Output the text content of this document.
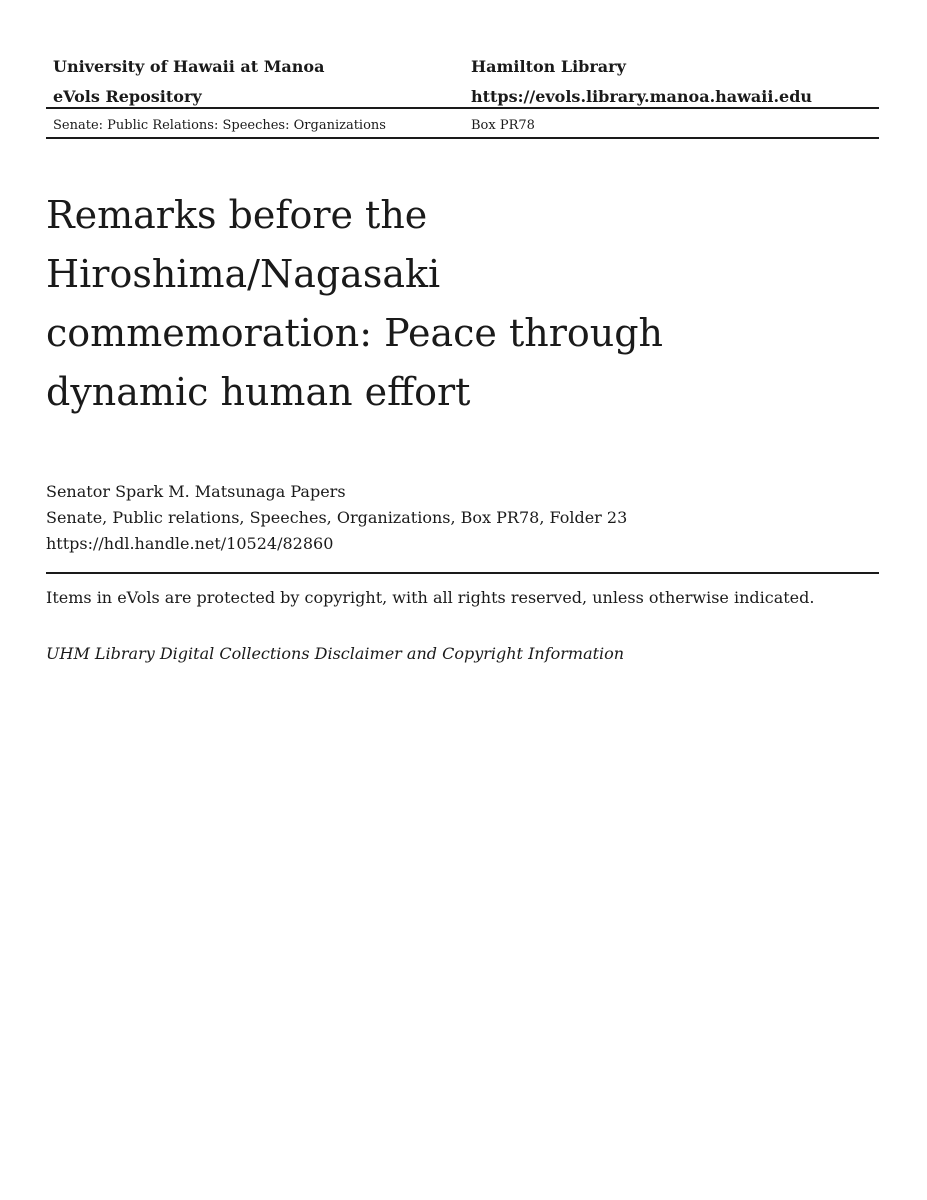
University of Hawaii at Manoa	Hamilton Library
eVols Repository	https://evols.library.manoa.hawaii.edu
Senate: Public Relations: Speeches: Organizations	Box PR78
Remarks before the
Hiroshima/Nagasaki
commemoration: Peace through
dynamic human effort
Senator Spark M. Matsunaga Papers
Senate, Public relations, Speeches, Organizations, Box PR78, Folder 23
https://hdl.handle.net/10524/82860
Items in eVols are protected by copyright, with all rights reserved, unless otherwise indicated.
UHM Library Digital Collections Disclaimer and Copyright Information
